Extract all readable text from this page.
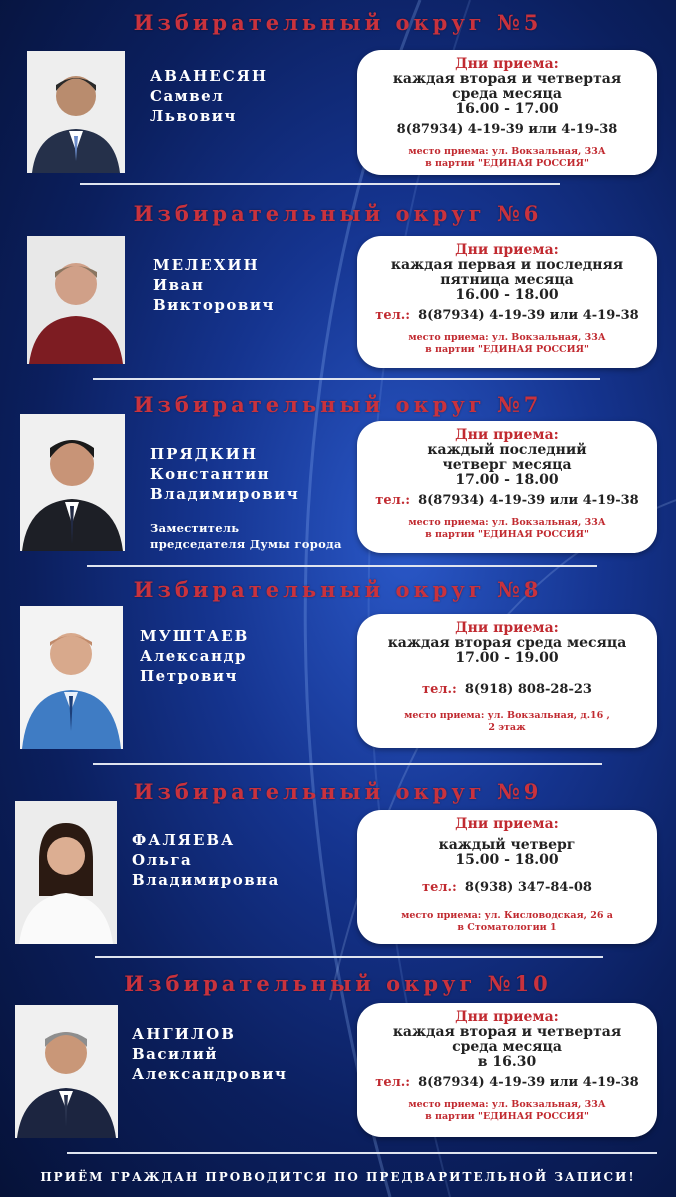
Избирательный округ №5
АВАНЕСЯН
Самвел
Львович
Дни приема:
каждая вторая и четвертая
среда месяца
16.00 - 17.00
8(87934) 4-19-39 или 4-19-38
место приема: ул. Вокзальная, 33А
в партии "ЕДИНАЯ РОССИЯ"
Избирательный округ №6
МЕЛЕХИН
Иван
Викторович
Дни приема:
каждая первая и последняя
пятница месяца
16.00 - 18.00
тел.: 8(87934) 4-19-39 или 4-19-38
место приема: ул. Вокзальная, 33А
в партии "ЕДИНАЯ РОССИЯ"
Избирательный округ №7
ПРЯДКИН
Константин
Владимирович
Заместитель
председателя Думы города
Дни приема:
каждый последний
четверг месяца
17.00 - 18.00
тел.: 8(87934) 4-19-39 или 4-19-38
место приема: ул. Вокзальная, 33А
в партии "ЕДИНАЯ РОССИЯ"
Избирательный округ №8
МУШТАЕВ
Александр
Петрович
Дни приема:
каждая вторая среда месяца
17.00 - 19.00
тел.: 8(918) 808-28-23
место приема: ул. Вокзальная, д.16 ,
2 этаж
Избирательный округ №9
ФАЛЯЕВА
Ольга
Владимировна
Дни приема:
каждый четверг
15.00 - 18.00
тел.: 8(938) 347-84-08
место приема: ул. Кисловодская, 26 а
в Стоматологии 1
Избирательный округ №10
АНГИЛОВ
Василий
Александрович
Дни приема:
каждая вторая и четвертая
среда месяца
в 16.30
тел.: 8(87934) 4-19-39 или 4-19-38
место приема: ул. Вокзальная, 33А
в партии "ЕДИНАЯ РОССИЯ"
ПРИЁМ ГРАЖДАН ПРОВОДИТСЯ ПО ПРЕДВАРИТЕЛЬНОЙ ЗАПИСИ!
